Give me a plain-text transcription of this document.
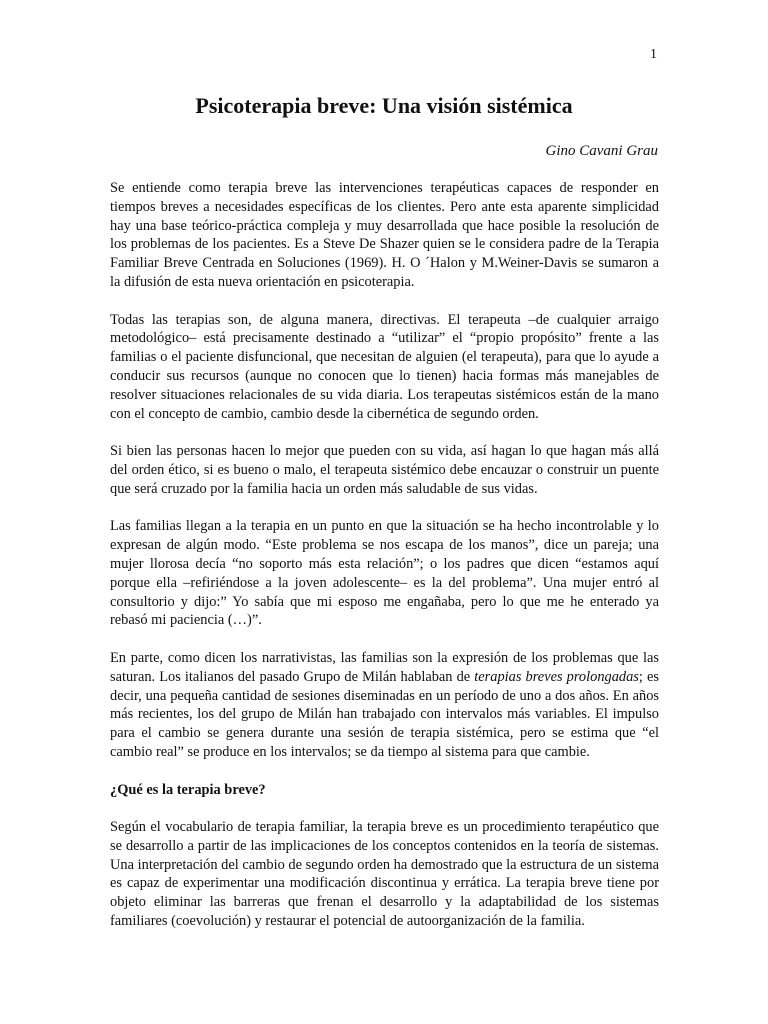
1
Psicoterapia breve: Una visión sistémica
Gino Cavani Grau

Se entiende como terapia breve las intervenciones terapéuticas capaces de responder en tiempos breves a necesidades específicas de los clientes. Pero ante esta aparente simplicidad hay una base teórico-práctica compleja y muy desarrollada que hace posible la resolución de los problemas de los pacientes. Es a Steve De Shazer quien se le considera padre de la Terapia Familiar Breve Centrada en Soluciones (1969). H. O ´Halon y M.Weiner-Davis se sumaron a la difusión de esta nueva orientación en psicoterapia.

Todas las terapias son, de alguna manera, directivas. El terapeuta –de cualquier arraigo metodológico– está precisamente destinado a “utilizar” el “propio propósito” frente a las familias o el paciente disfuncional, que necesitan de alguien (el terapeuta), para que lo ayude a conducir sus recursos (aunque no conocen que lo tienen) hacia formas más manejables de resolver situaciones relacionales de su vida diaria. Los terapeutas sistémicos están de la mano con el concepto de cambio, cambio desde la cibernética de segundo orden.

Si bien las personas hacen lo mejor que pueden con su vida, así hagan lo que hagan más allá del orden ético, si es bueno o malo, el terapeuta sistémico debe encauzar o construir un puente que será cruzado por la familia hacia un orden más saludable de sus vidas.

Las familias llegan a la terapia en un punto en que la situación se ha hecho incontrolable y lo expresan de algún modo. “Este problema se nos escapa de los manos”, dice un pareja; una mujer llorosa decía “no soporto más esta relación”; o los padres que dicen “estamos aquí porque ella –refiriéndose a la joven adolescente– es la del problema”. Una mujer entró al consultorio y dijo:” Yo sabía que mi esposo me engañaba, pero lo que me he enterado ya rebasó mi paciencia (…)”.

En parte, como dicen los narrativistas, las familias son la expresión de los problemas que las saturan. Los italianos del pasado Grupo de Milán hablaban de terapias breves prolongadas; es decir, una pequeña cantidad de sesiones diseminadas en un período de uno a dos años. En años más recientes, los del grupo de Milán han trabajado con intervalos más variables. El impulso para el cambio se genera durante una sesión de terapia sistémica, pero se estima que “el cambio real” se produce en los intervalos; se da tiempo al sistema para que cambie.

¿Qué es la terapia breve?

Según el vocabulario de terapia familiar, la terapia breve es un procedimiento terapéutico que se desarrollo a partir de las implicaciones de los conceptos contenidos en la teoría de sistemas. Una interpretación del cambio de segundo orden ha demostrado que la estructura de un sistema es capaz de experimentar una modificación discontinua y errática. La terapia breve tiene por objeto eliminar las barreras que frenan el desarrollo y la adaptabilidad de los sistemas familiares (coevolución) y restaurar el potencial de autoorganización de la familia.
